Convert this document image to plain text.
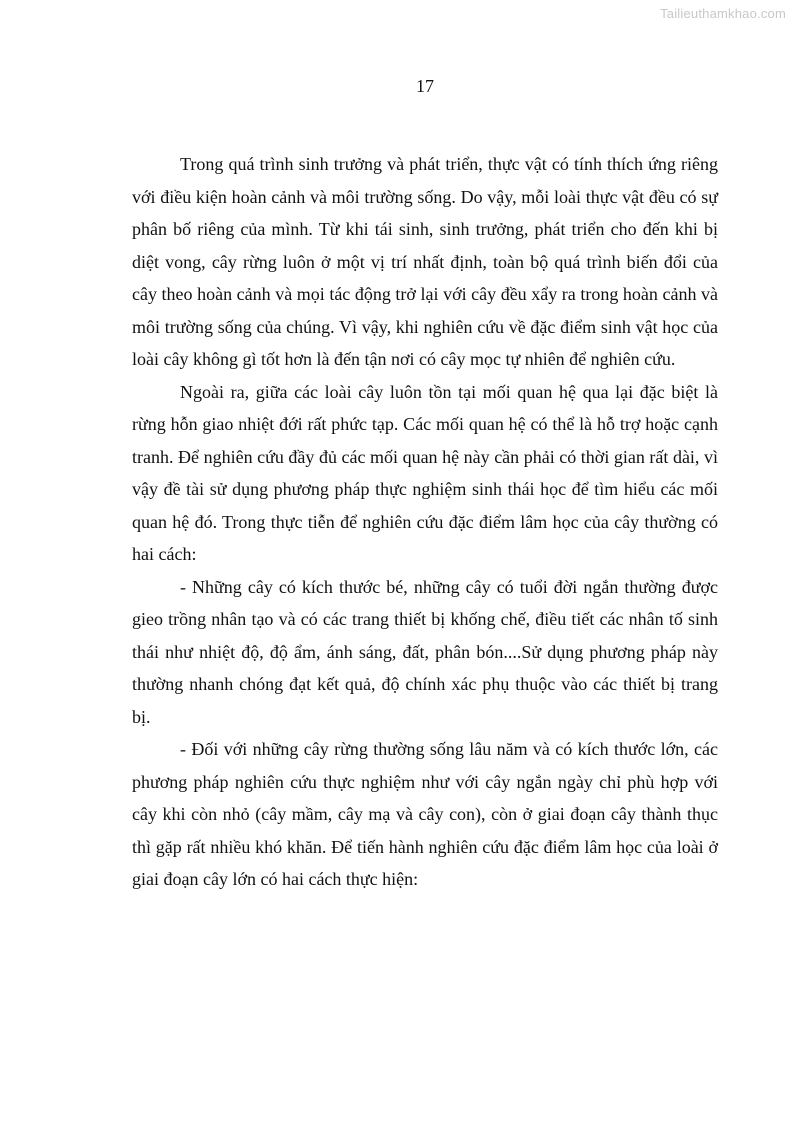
Tailieuthamkhao.com
17

Trong quá trình sinh trưởng và phát triển, thực vật có tính thích ứng riêng với điều kiện hoàn cảnh và môi trường sống. Do vậy, mỗi loài thực vật đều có sự phân bố riêng của mình. Từ khi tái sinh, sinh trưởng, phát triển cho đến khi bị diệt vong, cây rừng luôn ở một vị trí nhất định, toàn bộ quá trình biến đổi của cây theo hoàn cảnh và mọi tác động trở lại với cây đều xẩy ra trong hoàn cảnh và môi trường sống của chúng. Vì vậy, khi nghiên cứu về đặc điểm sinh vật học của loài cây không gì tốt hơn là đến tận nơi có cây mọc tự nhiên để nghiên cứu.

Ngoài ra, giữa các loài cây luôn tồn tại mối quan hệ qua lại đặc biệt là rừng hỗn giao nhiệt đới rất phức tạp. Các mối quan hệ có thể là hỗ trợ hoặc cạnh tranh. Để nghiên cứu đầy đủ các mối quan hệ này cần phải có thời gian rất dài, vì vậy đề tài sử dụng phương pháp thực nghiệm sinh thái học để tìm hiểu các mối quan hệ đó. Trong thực tiễn để nghiên cứu đặc điểm lâm học của cây thường có hai cách:

- Những cây có kích thước bé, những cây có tuổi đời ngắn thường được gieo trồng nhân tạo và có các trang thiết bị khống chế, điều tiết các nhân tố sinh thái như nhiệt độ, độ ẩm, ánh sáng, đất, phân bón....Sử dụng phương pháp này thường nhanh chóng đạt kết quả, độ chính xác phụ thuộc vào các thiết bị trang bị.

- Đối với những cây rừng thường sống lâu năm và có kích thước lớn, các phương pháp nghiên cứu thực nghiệm như với cây ngắn ngày chỉ phù hợp với cây khi còn nhỏ (cây mầm, cây mạ và cây con), còn ở giai đoạn cây thành thục thì gặp rất nhiều khó khăn. Để tiến hành nghiên cứu đặc điểm lâm học của loài ở giai đoạn cây lớn có hai cách thực hiện:
